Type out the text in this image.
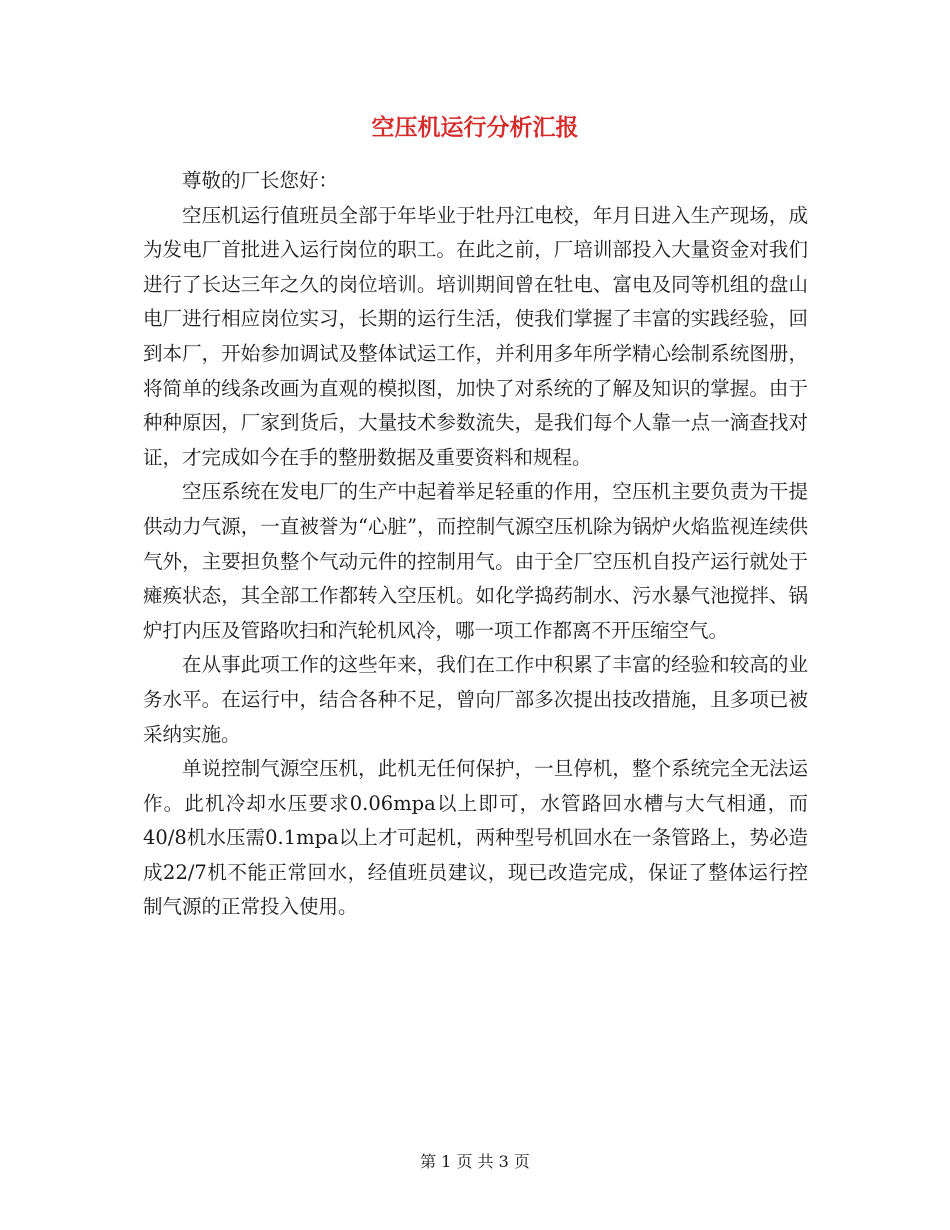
空压机运行分析汇报

尊敬的厂长您好：

空压机运行值班员全部于年毕业于牡丹江电校，年月日进入生产现场，成为发电厂首批进入运行岗位的职工。在此之前，厂培训部投入大量资金对我们进行了长达三年之久的岗位培训。培训期间曾在牡电、富电及同等机组的盘山电厂进行相应岗位实习，长期的运行生活，使我们掌握了丰富的实践经验，回到本厂，开始参加调试及整体试运工作，并利用多年所学精心绘制系统图册，将简单的线条改画为直观的模拟图，加快了对系统的了解及知识的掌握。由于种种原因，厂家到货后，大量技术参数流失，是我们每个人靠一点一滴查找对证，才完成如今在手的整册数据及重要资料和规程。

空压系统在发电厂的生产中起着举足轻重的作用，空压机主要负责为干提供动力气源，一直被誉为“心脏”，而控制气源空压机除为锅炉火焰监视连续供气外，主要担负整个气动元件的控制用气。由于全厂空压机自投产运行就处于瘫痪状态，其全部工作都转入空压机。如化学捣药制水、污水暴气池搅拌、锅炉打内压及管路吹扫和汽轮机风冷，哪一项工作都离不开压缩空气。

在从事此项工作的这些年来，我们在工作中积累了丰富的经验和较高的业务水平。在运行中，结合各种不足，曾向厂部多次提出技改措施，且多项已被采纳实施。

单说控制气源空压机，此机无任何保护，一旦停机，整个系统完全无法运作。此机冷却水压要求0.06mpa以上即可，水管路回水槽与大气相通，而40/8机水压需0.1mpa以上才可起机，两种型号机回水在一条管路上，势必造成22/7机不能正常回水，经值班员建议，现已改造完成，保证了整体运行控制气源的正常投入使用。

第 1 页 共 3 页
